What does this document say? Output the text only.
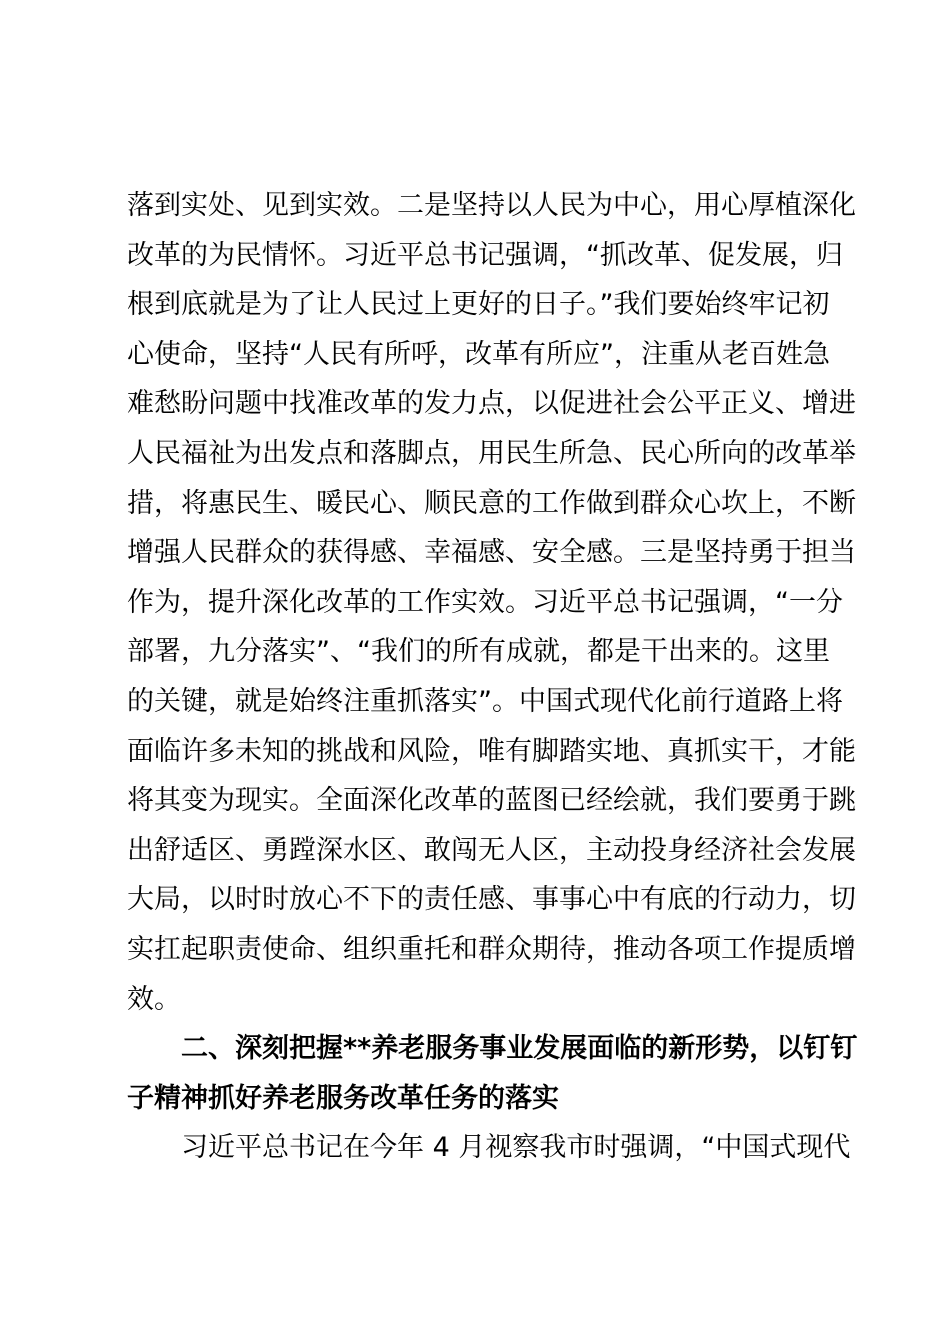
落到实处、见到实效。二是坚持以人民为中心，用心厚植深化
改革的为民情怀。习近平总书记强调，“抓改革、促发展，归
根到底就是为了让人民过上更好的日子。”我们要始终牢记初
心使命，坚持“人民有所呼，改革有所应”，注重从老百姓急
难愁盼问题中找准改革的发力点，以促进社会公平正义、增进
人民福祉为出发点和落脚点，用民生所急、民心所向的改革举
措，将惠民生、暖民心、顺民意的工作做到群众心坎上，不断
增强人民群众的获得感、幸福感、安全感。三是坚持勇于担当
作为，提升深化改革的工作实效。习近平总书记强调，“一分
部署，九分落实”、“我们的所有成就，都是干出来的。这里
的关键，就是始终注重抓落实”。中国式现代化前行道路上将
面临许多未知的挑战和风险，唯有脚踏实地、真抓实干，才能
将其变为现实。全面深化改革的蓝图已经绘就，我们要勇于跳
出舒适区、勇蹚深水区、敢闯无人区，主动投身经济社会发展
大局，以时时放心不下的责任感、事事心中有底的行动力，切
实扛起职责使命、组织重托和群众期待，推动各项工作提质增
效。
　　二、深刻把握**养老服务事业发展面临的新形势，以钉钉
子精神抓好养老服务改革任务的落实
　　习近平总书记在今年 4 月视察我市时强调，“中国式现代
